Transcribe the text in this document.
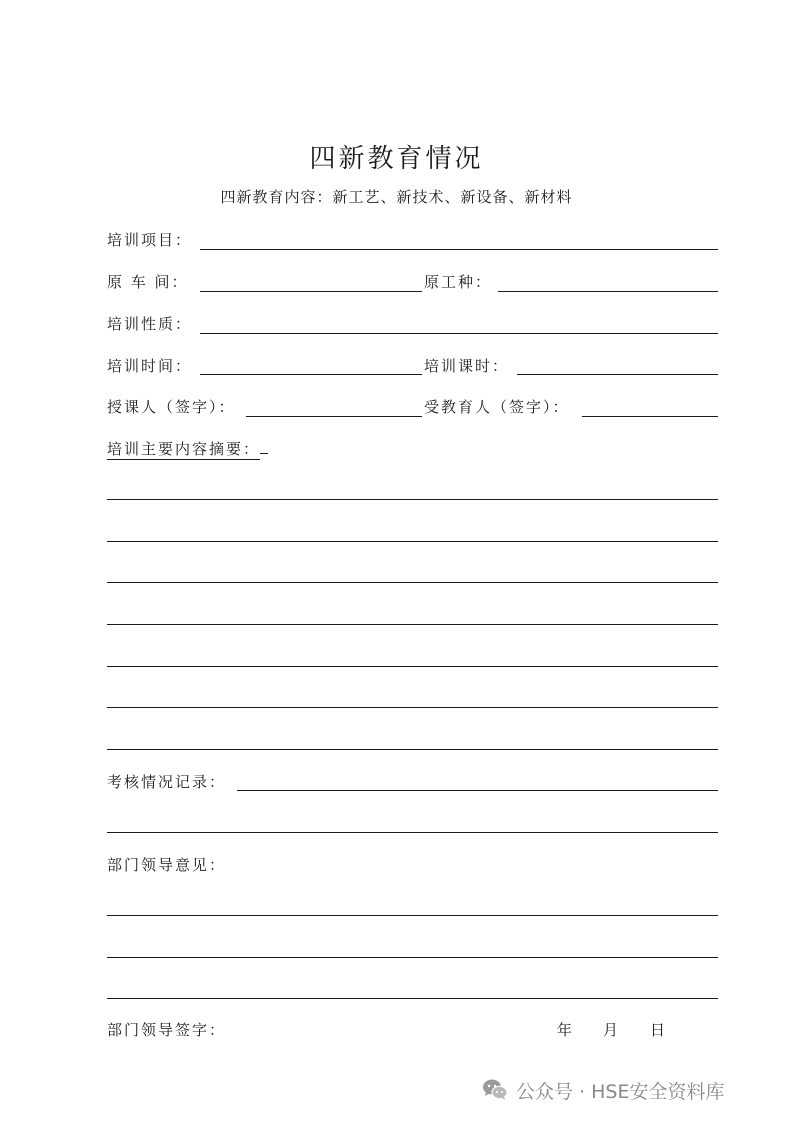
四新教育情况
四新教育内容：新工艺、新技术、新设备、新材料
培训项目：
原 车 间：	原工种：
培训性质：
培训时间：	培训课时：
授课人（签字）：	受教育人（签字）：
培训主要内容摘要：
考核情况记录：
部门领导意见：
部门领导签字：	年 月 日
公众号 · HSE安全资料库
